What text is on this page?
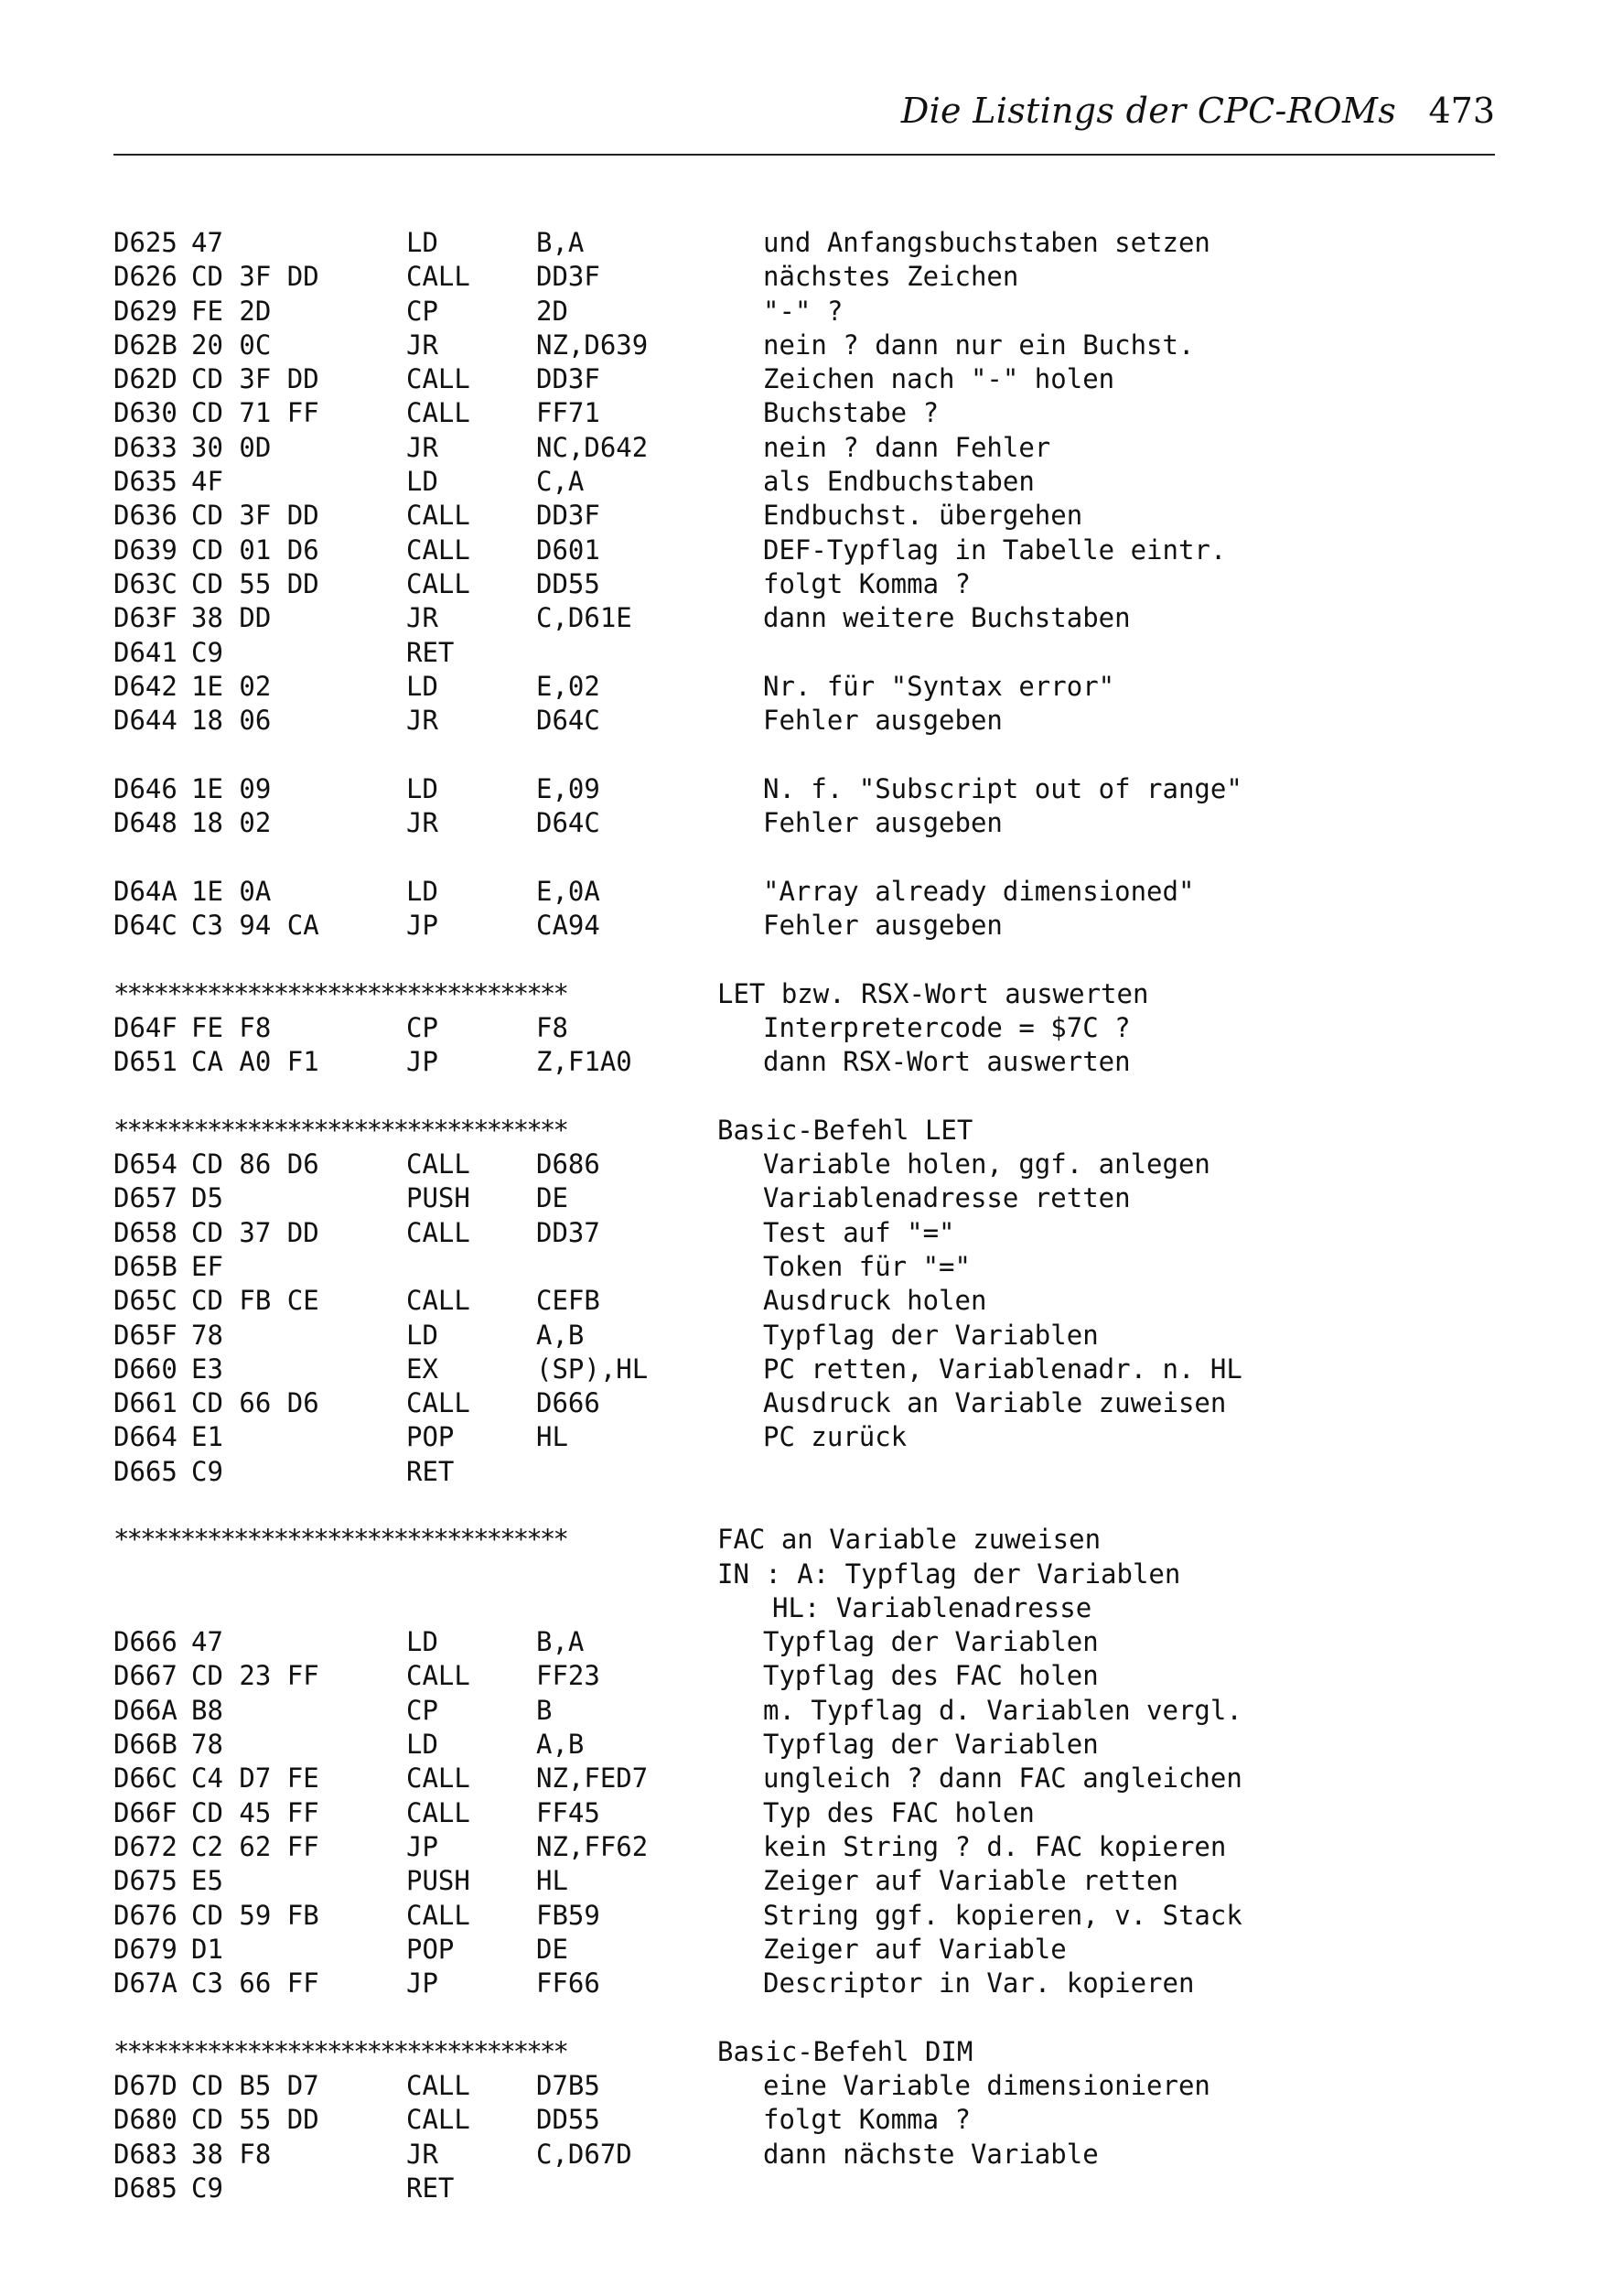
Die Listings der CPC-ROMs 473
D625 47	LD	B,A	und Anfangsbuchstaben setzen
D626 CD 3F DD	CALL DD3F	nächstes Zeichen
D629 FE 2D	CP	2D	"-" ?
D62B 20 0C	JR	NZ,D639	nein ? dann nur ein Buchst.
D62D CD 3F DD	CALL DD3F	Zeichen nach "-" holen
D630 CD 71 FF	CALL FF71	Buchstabe ?
D633 30 0D	JR	NC,D642	nein ? dann Fehler
D635 4F	LD	C,A	als Endbuchstaben
D636 CD 3F DD	CALL DD3F	Endbuchst. übergehen
D639 CD 01 D6	CALL D601	DEF-Typflag in Tabelle eintr.
D63C CD 55 DD	CALL DD55	folgt Komma ?
D63F 38 DD	JR	C,D61E	dann weitere Buchstaben
D641 C9	RET
D642 1E 02	LD	E,02	Nr. für "Syntax error"
D644 18 06	JR	D64C	Fehler ausgeben
D646 1E 09	LD	E,09	N. f. "Subscript out of range"
D648 18 02	JR	D64C	Fehler ausgeben
D64A 1E 0A	LD	E,0A	"Array already dimensioned"
D64C C3 94 CA	JP	CA94	Fehler ausgeben
**********************************	LET bzw. RSX-Wort auswerten
D64F FE F8	CP	F8	Interpretercode = $7C ?
D651 CA A0 F1	JP	Z,F1A0	dann RSX-Wort auswerten
**********************************	Basic-Befehl LET
D654 CD 86 D6	CALL D686	Variable holen, ggf. anlegen
D657 D5	PUSH DE	Variablenadresse retten
D658 CD 37 DD	CALL DD37	Test auf "="
D65B EF	Token für "="
D65C CD FB CE	CALL CEFB	Ausdruck holen
D65F 78	LD	A,B	Typflag der Variablen
D660 E3	EX	(SP),HL	PC retten, Variablenadr. n. HL
D661 CD 66 D6	CALL D666	Ausdruck an Variable zuweisen
D664 E1	POP	HL	PC zurück
D665 C9	RET
**********************************	FAC an Variable zuweisen
IN : A: Typflag der Variablen
HL: Variablenadresse
D666 47	LD	B,A	Typflag der Variablen
D667 CD 23 FF	CALL FF23	Typflag des FAC holen
D66A B8	CP	B	m. Typflag d. Variablen vergl.
D66B 78	LD	A,B	Typflag der Variablen
D66C C4 D7 FE	CALL NZ,FED7	ungleich ? dann FAC angleichen
D66F CD 45 FF	CALL FF45	Typ des FAC holen
D672 C2 62 FF	JP	NZ,FF62	kein String ? d. FAC kopieren
D675 E5	PUSH HL	Zeiger auf Variable retten
D676 CD 59 FB	CALL FB59	String ggf. kopieren, v. Stack
D679 D1	POP	DE	Zeiger auf Variable
D67A C3 66 FF	JP	FF66	Descriptor in Var. kopieren
**********************************	Basic-Befehl DIM
D67D CD B5 D7	CALL D7B5	eine Variable dimensionieren
D680 CD 55 DD	CALL DD55	folgt Komma ?
D683 38 F8	JR	C,D67D	dann nächste Variable
D685 C9	RET
